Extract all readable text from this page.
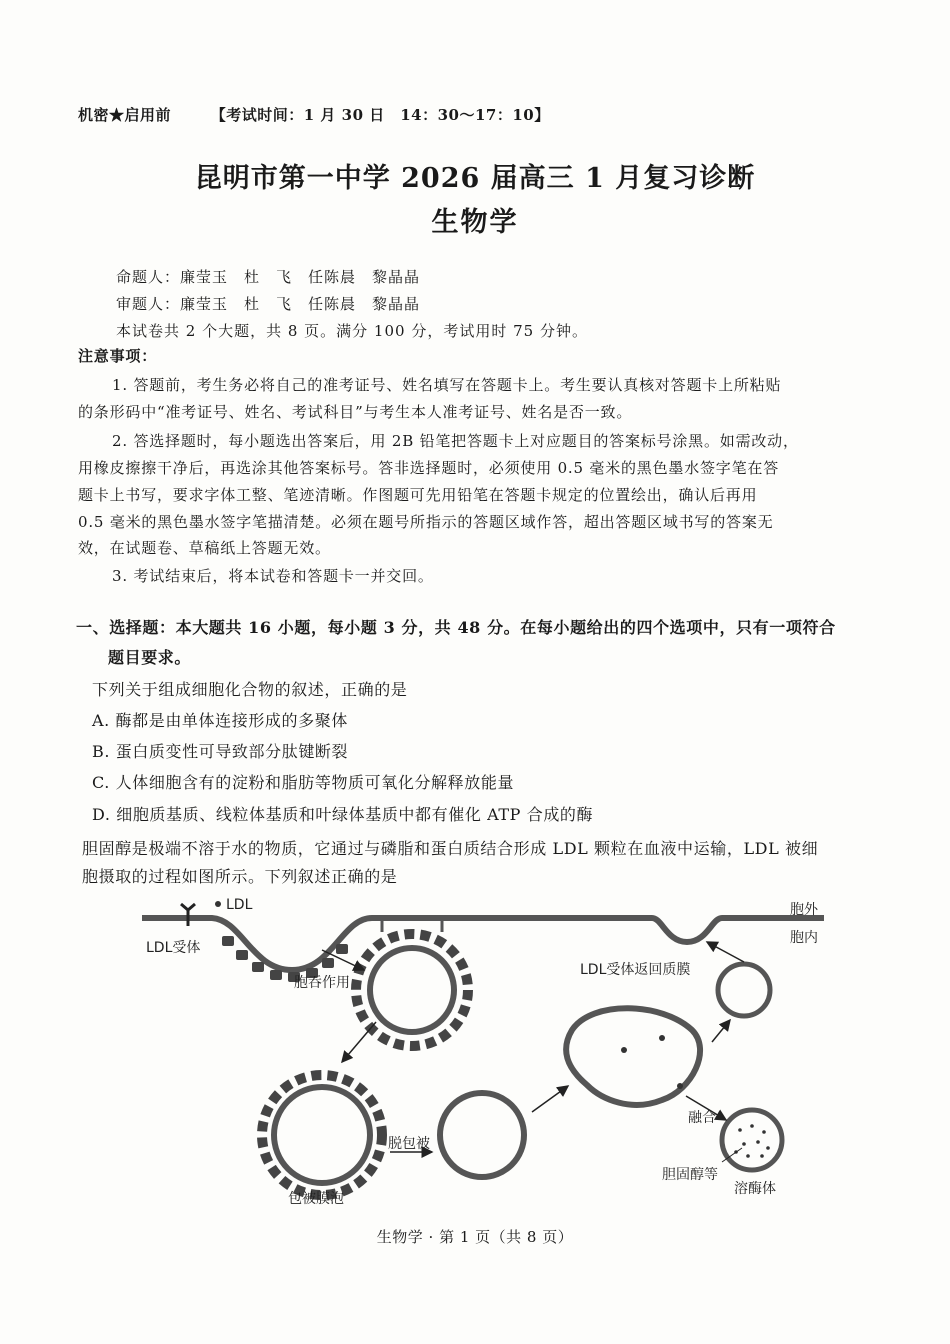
机密★启用前	【考试时间：1 月 30 日　14：30～17：10】
昆明市第一中学 2026 届高三 1 月复习诊断
生物学
命题人：廉莹玉　杜　飞　任陈晨　黎晶晶
审题人：廉莹玉　杜　飞　任陈晨　黎晶晶
本试卷共 2 个大题，共 8 页。满分 100 分，考试用时 75 分钟。
注意事项：
1. 答题前，考生务必将自己的准考证号、姓名填写在答题卡上。考生要认真核对答题卡上所粘贴
的条形码中“准考证号、姓名、考试科目”与考生本人准考证号、姓名是否一致。
2. 答选择题时，每小题选出答案后，用 2B 铅笔把答题卡上对应题目的答案标号涂黑。如需改动，
用橡皮擦擦干净后，再选涂其他答案标号。答非选择题时，必须使用 0.5 毫米的黑色墨水签字笔在答
题卡上书写，要求字体工整、笔迹清晰。作图题可先用铅笔在答题卡规定的位置绘出，确认后再用
0.5 毫米的黑色墨水签字笔描清楚。必须在题号所指示的答题区域作答，超出答题区域书写的答案无
效，在试题卷、草稿纸上答题无效。
3. 考试结束后，将本试卷和答题卡一并交回。
一、选择题：本大题共 16 小题，每小题 3 分，共 48 分。在每小题给出的四个选项中，只有一项符合
题目要求。
下列关于组成细胞化合物的叙述，正确的是
A. 酶都是由单体连接形成的多聚体
B. 蛋白质变性可导致部分肽键断裂
C. 人体细胞含有的淀粉和脂肪等物质可氧化分解释放能量
D. 细胞质基质、线粒体基质和叶绿体基质中都有催化 ATP 合成的酶
胆固醇是极端不溶于水的物质，它通过与磷脂和蛋白质结合形成 LDL 颗粒在血液中运输，LDL 被细
胞摄取的过程如图所示。下列叙述正确的是
LDL
LDL受体
胞外
胞内
胞吞作用
包被膜泡
脱包被
LDL受体返回质膜
融合
胆固醇等
溶酶体
生物学 · 第 1 页（共 8 页）
